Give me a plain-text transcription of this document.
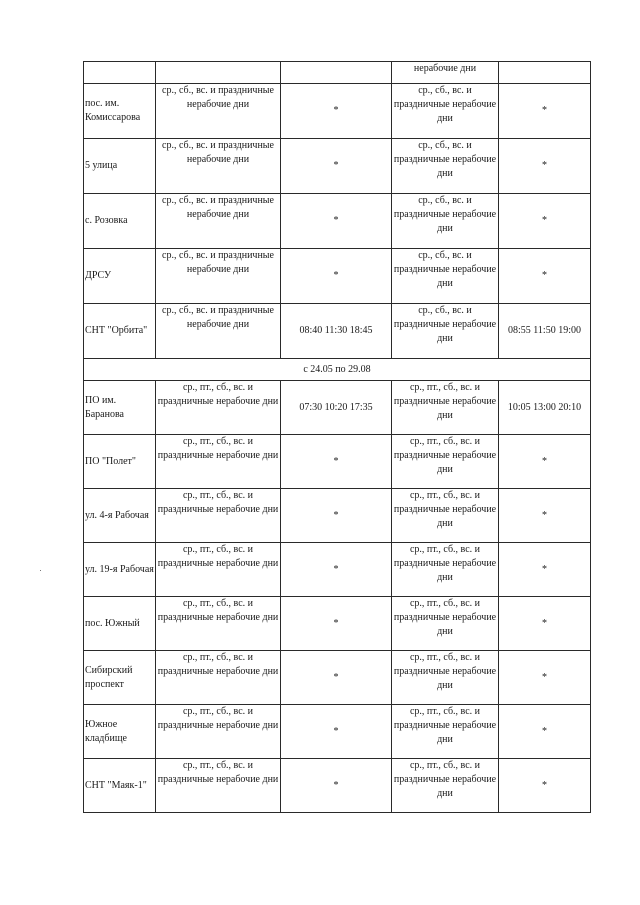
			нерабочие дни	
пос. им. Комиссарова	ср., сб., вс. и праздничные нерабочие дни	*	ср., сб., вс. и праздничные нерабочие дни	*
5 улица	ср., сб., вс. и праздничные нерабочие дни	*	ср., сб., вс. и праздничные нерабочие дни	*
с. Розовка	ср., сб., вс. и праздничные нерабочие дни	*	ср., сб., вс. и праздничные нерабочие дни	*
ДРСУ	ср., сб., вс. и праздничные нерабочие дни	*	ср., сб., вс. и праздничные нерабочие дни	*
СНТ "Орбита"	ср., сб., вс. и праздничные нерабочие дни	08:40 11:30 18:45	ср., сб., вс. и праздничные нерабочие дни	08:55 11:50 19:00
с 24.05 по 29.08				
ПО им. Баранова	ср., пт., сб., вс. и праздничные нерабочие дни	07:30 10:20 17:35	ср., пт., сб., вс. и праздничные нерабочие дни	10:05 13:00 20:10
ПО "Полет"	ср., пт., сб., вс. и праздничные нерабочие дни	*	ср., пт., сб., вс. и праздничные нерабочие дни	*
ул. 4-я Рабочая	ср., пт., сб., вс. и праздничные нерабочие дни	*	ср., пт., сб., вс. и праздничные нерабочие дни	*
ул. 19-я Рабочая	ср., пт., сб., вс. и праздничные нерабочие дни	*	ср., пт., сб., вс. и праздничные нерабочие дни	*
пос. Южный	ср., пт., сб., вс. и праздничные нерабочие дни	*	ср., пт., сб., вс. и праздничные нерабочие дни	*
Сибирский проспект	ср., пт., сб., вс. и праздничные нерабочие дни	*	ср., пт., сб., вс. и праздничные нерабочие дни	*
Южное кладбище	ср., пт., сб., вс. и праздничные нерабочие дни	*	ср., пт., сб., вс. и праздничные нерабочие дни	*
СНТ "Маяк-1"	ср., пт., сб., вс. и праздничные нерабочие дни	*	ср., пт., сб., вс. и праздничные нерабочие дни	*
